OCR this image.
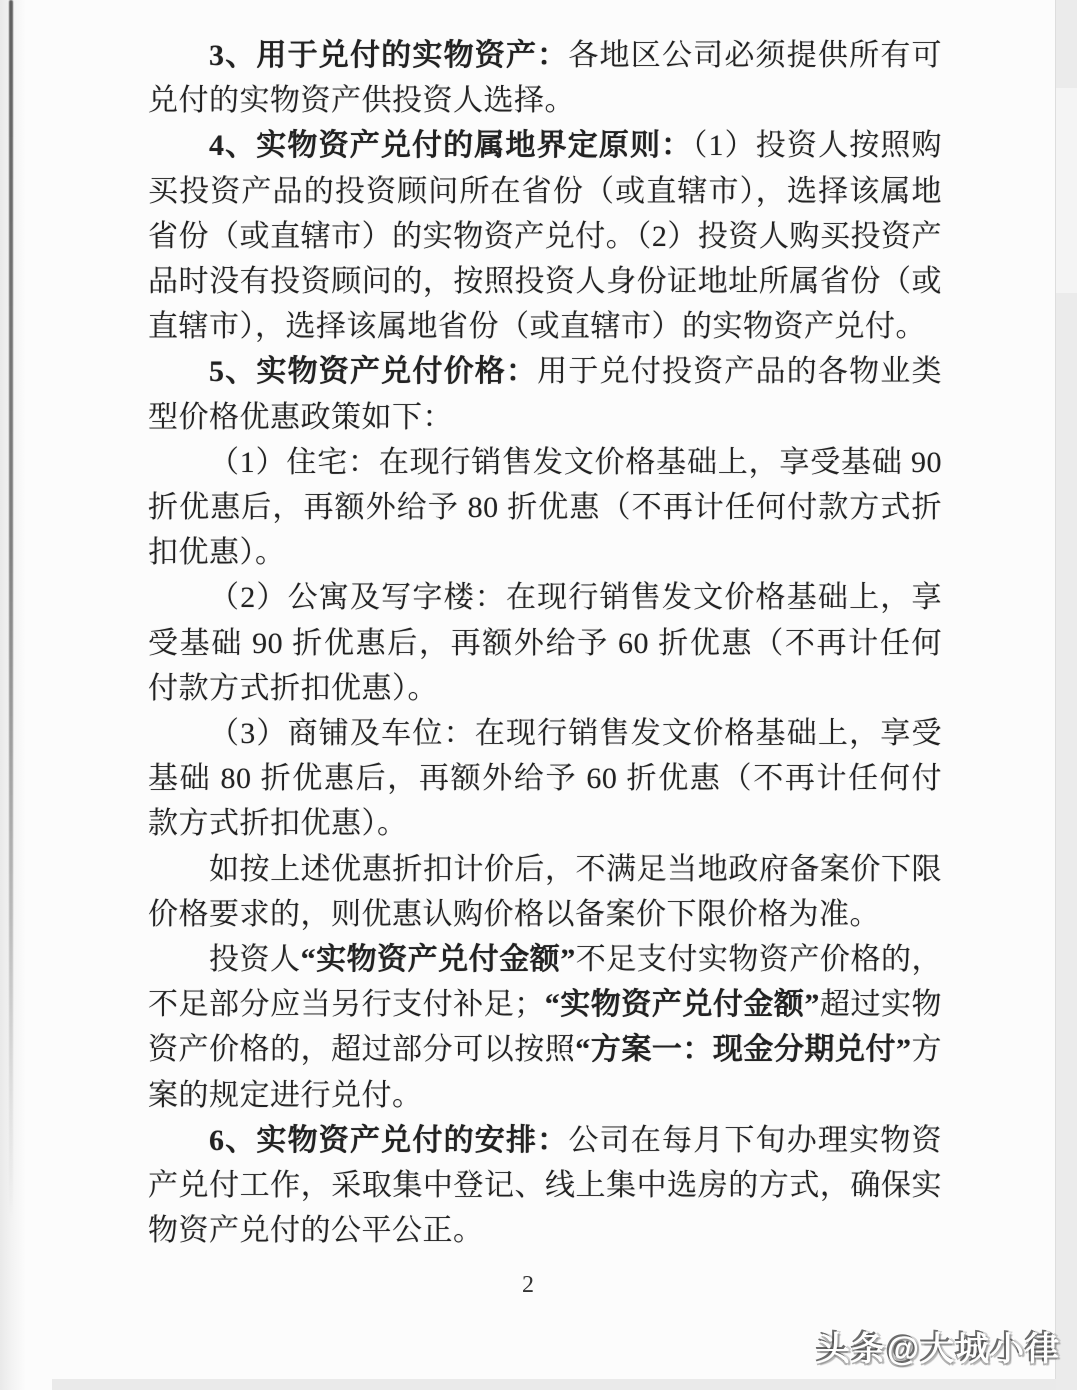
3、用于兑付的实物资产：各地区公司必须提供所有可兑付的实物资产供投资人选择。

4、实物资产兑付的属地界定原则：（1）投资人按照购买投资产品的投资顾问所在省份（或直辖市），选择该属地省份（或直辖市）的实物资产兑付。（2）投资人购买投资产品时没有投资顾问的，按照投资人身份证地址所属省份（或直辖市），选择该属地省份（或直辖市）的实物资产兑付。

5、实物资产兑付价格：用于兑付投资产品的各物业类型价格优惠政策如下：

（1）住宅：在现行销售发文价格基础上，享受基础 90 折优惠后，再额外给予 80 折优惠（不再计任何付款方式折扣优惠）。

（2）公寓及写字楼：在现行销售发文价格基础上，享受基础 90 折优惠后，再额外给予 60 折优惠（不再计任何付款方式折扣优惠）。

（3）商铺及车位：在现行销售发文价格基础上，享受基础 80 折优惠后，再额外给予 60 折优惠（不再计任何付款方式折扣优惠）。

如按上述优惠折扣计价后，不满足当地政府备案价下限价格要求的，则优惠认购价格以备案价下限价格为准。

投资人“实物资产兑付金额”不足支付实物资产价格的，不足部分应当另行支付补足；“实物资产兑付金额”超过实物资产价格的，超过部分可以按照“方案一：现金分期兑付”方案的规定进行兑付。

6、实物资产兑付的安排：公司在每月下旬办理实物资产兑付工作，采取集中登记、线上集中选房的方式，确保实物资产兑付的公平公正。

2
头条@大城小律
